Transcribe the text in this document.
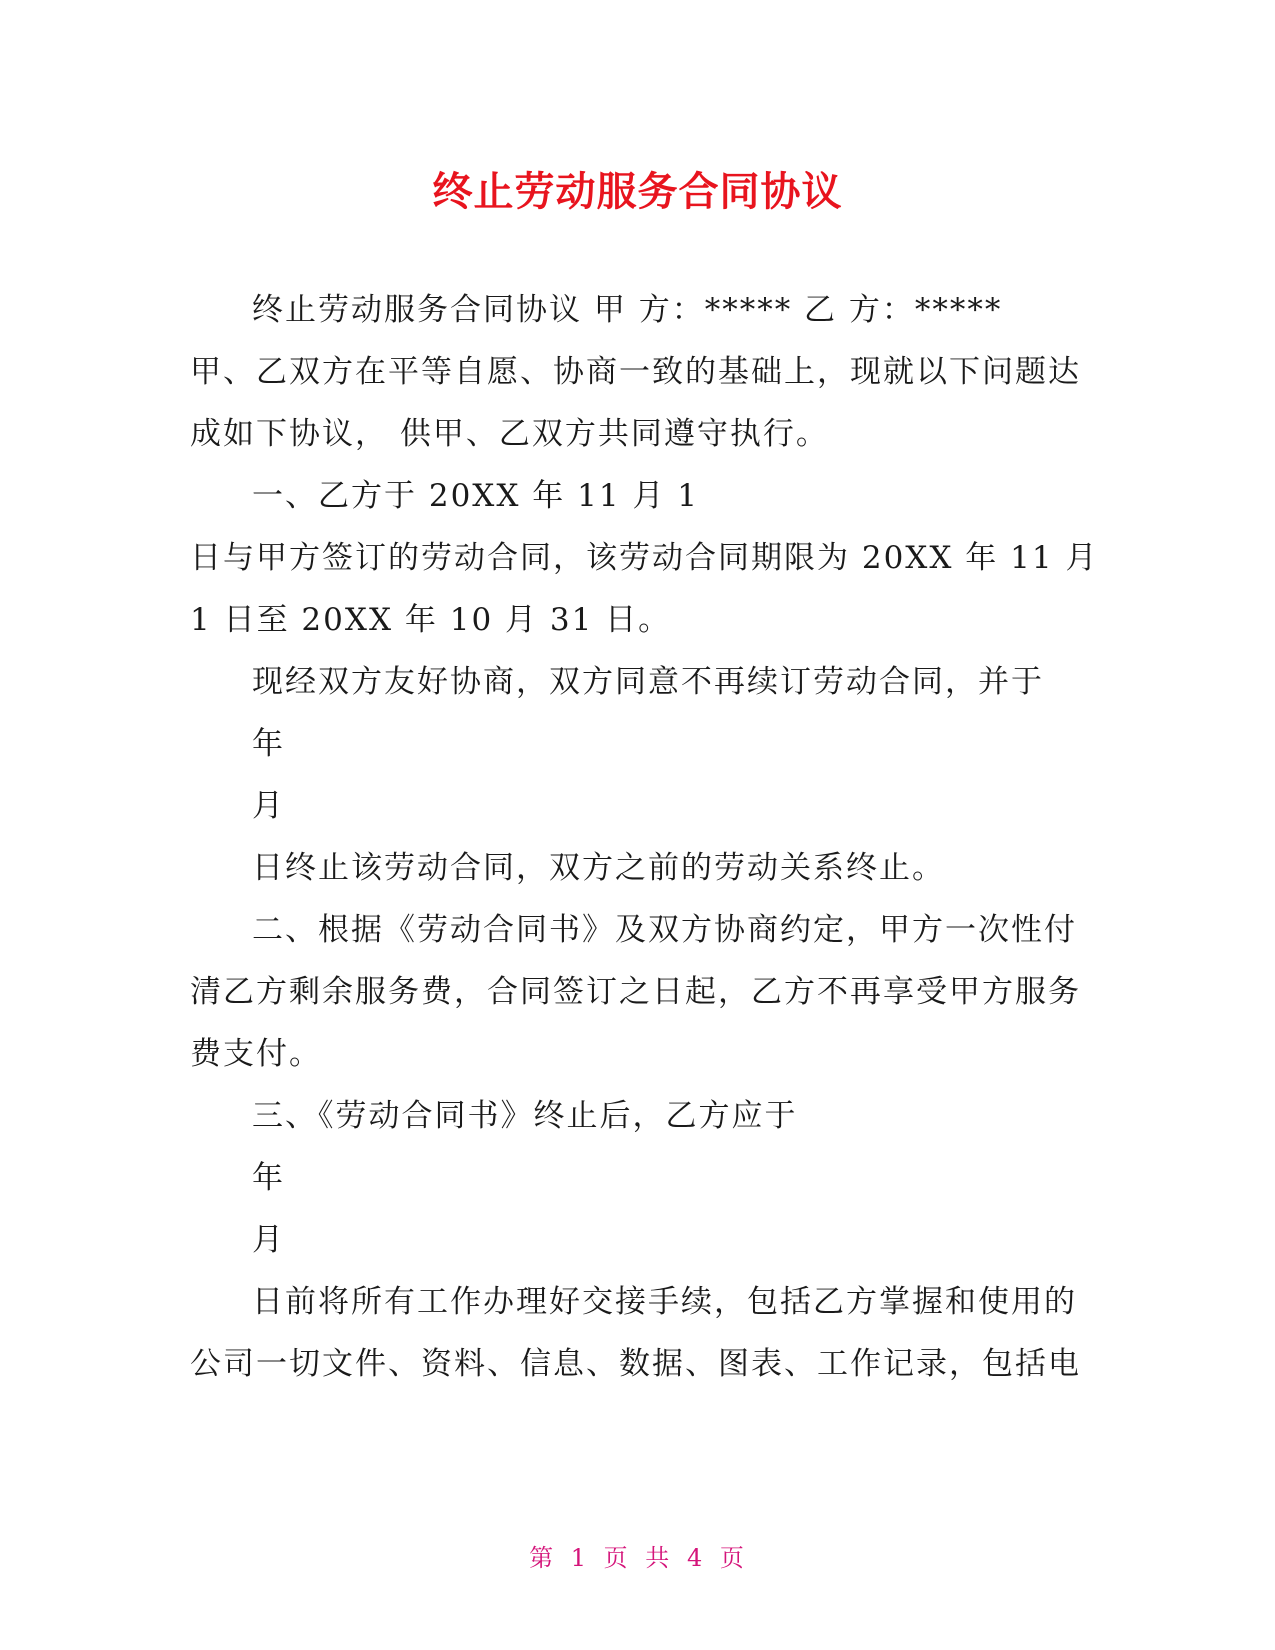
终止劳动服务合同协议
终止劳动服务合同协议 甲 方：***** 乙 方：*****
甲、乙双方在平等自愿、协商一致的基础上，现就以下问题达
成如下协议， 供甲、乙双方共同遵守执行。
一、乙方于 20XX 年 11 月 1
日与甲方签订的劳动合同，该劳动合同期限为 20XX 年 11 月
1 日至 20XX 年 10 月 31 日。
现经双方友好协商，双方同意不再续订劳动合同，并于
年
月
日终止该劳动合同，双方之前的劳动关系终止。
二、根据《劳动合同书》及双方协商约定，甲方一次性付
清乙方剩余服务费，合同签订之日起，乙方不再享受甲方服务
费支付。
三、《劳动合同书》终止后，乙方应于
年
月
日前将所有工作办理好交接手续，包括乙方掌握和使用的
公司一切文件、资料、信息、数据、图表、工作记录，包括电
第 1 页 共 4 页
